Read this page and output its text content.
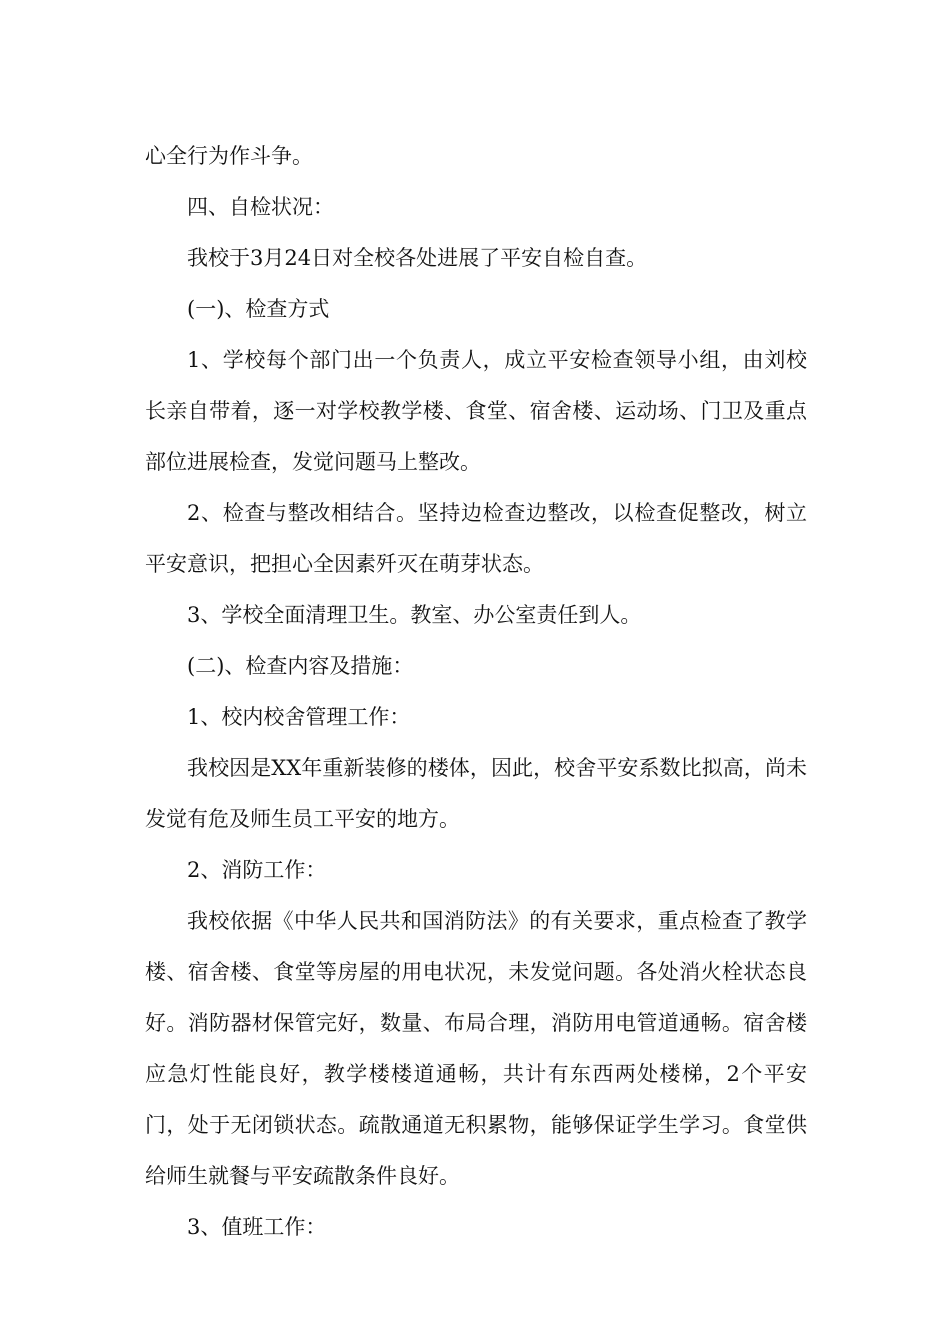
心全行为作斗争。

四、自检状况：

我校于3月24日对全校各处进展了平安自检自查。

(一)、检查方式

1、学校每个部门出一个负责人，成立平安检查领导小组，由刘校长亲自带着，逐一对学校教学楼、食堂、宿舍楼、运动场、门卫及重点部位进展检查，发觉问题马上整改。

2、检查与整改相结合。坚持边检查边整改，以检查促整改，树立平安意识，把担心全因素歼灭在萌芽状态。

3、学校全面清理卫生。教室、办公室责任到人。

(二)、检查内容及措施：

1、校内校舍管理工作：

我校因是XX年重新装修的楼体，因此，校舍平安系数比拟高，尚未发觉有危及师生员工平安的地方。

2、消防工作：

我校依据《中华人民共和国消防法》的有关要求，重点检查了教学楼、宿舍楼、食堂等房屋的用电状况，未发觉问题。各处消火栓状态良好。消防器材保管完好，数量、布局合理，消防用电管道通畅。宿舍楼应急灯性能良好，教学楼楼道通畅，共计有东西两处楼梯，2个平安门，处于无闭锁状态。疏散通道无积累物，能够保证学生学习。食堂供给师生就餐与平安疏散条件良好。

3、值班工作：
